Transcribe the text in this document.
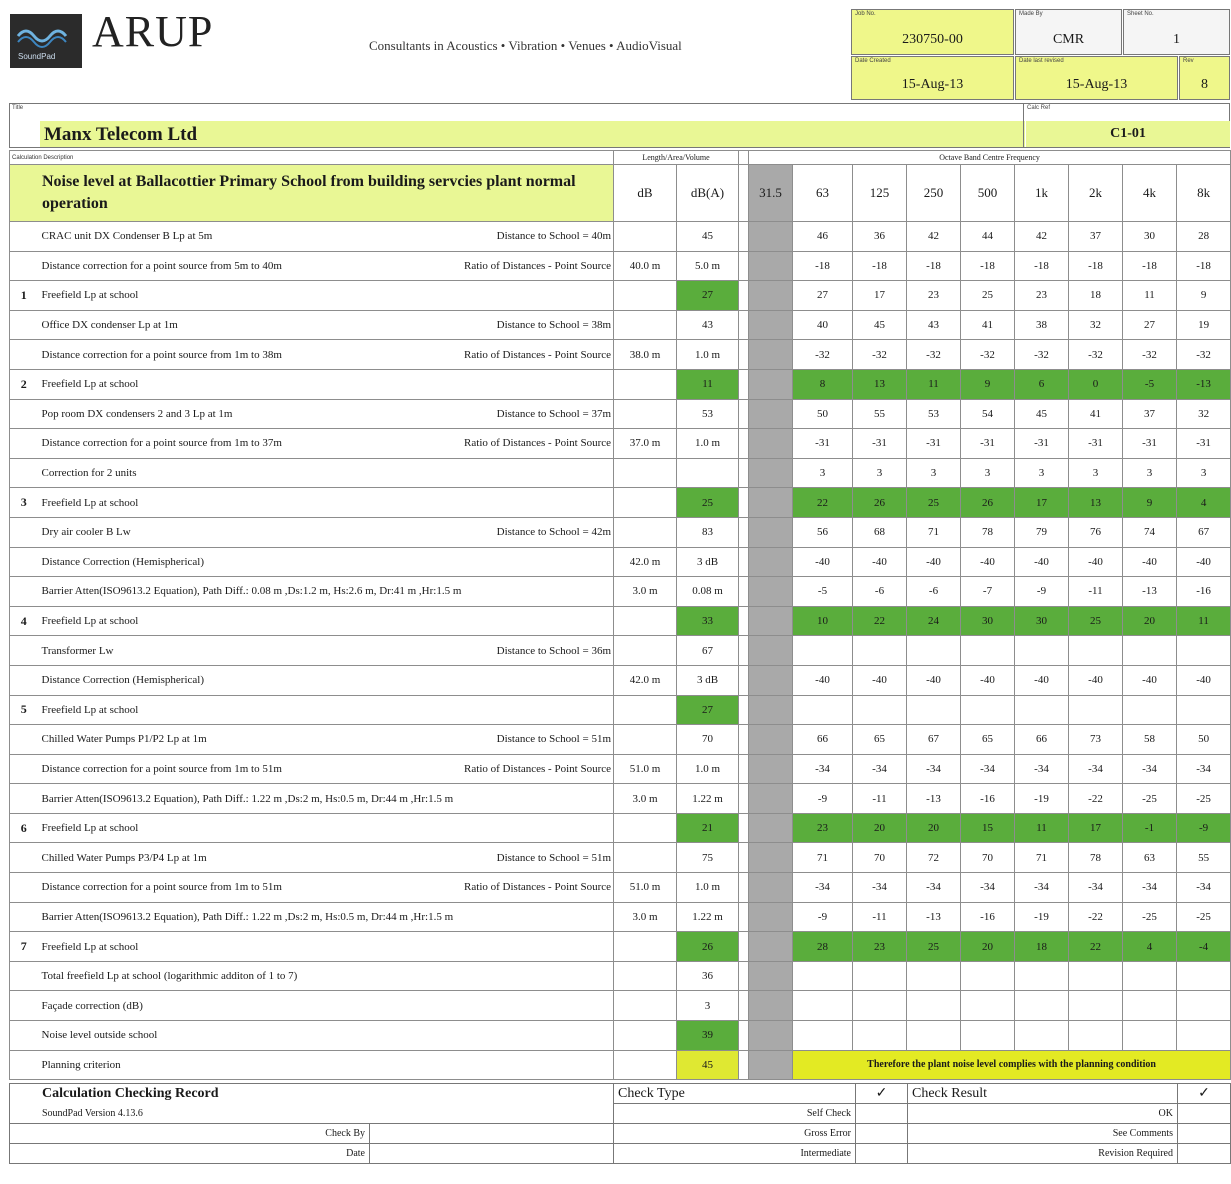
SoundPad
ARUP	Consultants in Acoustics • Vibration • Venues • AudioVisual
Job No.
230750-00
Made By
CMR
Sheet No.
1
Date Created
15-Aug-13
Date last revised
15-Aug-13
Rev
8
Title
Manx Telecom Ltd
Calc Ref
C1-01
Calculation Description		Length/Area/Volume			Octave Band Centre Frequency								
Noise level at Ballacottier Primary School from building servcies plant normal operation		dB	dB(A)		31.5	63	125	250	500	1k	2k	4k	8k

	CRAC unit DX Condenser B Lp at 5m Distance to School = 40m		45			46	36	42	44	42	37	30	28

	Distance correction for a point source from 5m to 40m Ratio of Distances - Point Source	40.0 m	5.0 m			-18	-18	-18	-18	-18	-18	-18	-18
1	Freefield Lp at school		27			27	17	23	25	23	18	11	9

	Office DX condenser Lp at 1m Distance to School = 38m		43			40	45	43	41	38	32	27	19

	Distance correction for a point source from 1m to 38m Ratio of Distances - Point Source	38.0 m	1.0 m			-32	-32	-32	-32	-32	-32	-32	-32
2	Freefield Lp at school		11			8	13	11	9	6	0	-5	-13

	Pop room DX condensers 2 and 3 Lp at 1m Distance to School = 37m		53			50	55	53	54	45	41	37	32

	Distance correction for a point source from 1m to 37m Ratio of Distances - Point Source	37.0 m	1.0 m			-31	-31	-31	-31	-31	-31	-31	-31

	Correction for 2 units					3	3	3	3	3	3	3	3
3	Freefield Lp at school		25			22	26	25	26	17	13	9	4

	Dry air cooler B Lw Distance to School = 42m		83			56	68	71	78	79	76	74	67

	Distance Correction (Hemispherical)	42.0 m	3 dB			-40	-40	-40	-40	-40	-40	-40	-40

	Barrier Atten(ISO9613.2 Equation), Path Diff.: 0.08 m ,Ds:1.2 m, Hs:2.6 m, Dr:41 m ,Hr:1.5 m	3.0 m	0.08 m			-5	-6	-6	-7	-9	-11	-13	-16
4	Freefield Lp at school		33			10	22	24	30	30	25	20	11

	Transformer Lw Distance to School = 36m		67										

	Distance Correction (Hemispherical)	42.0 m	3 dB			-40	-40	-40	-40	-40	-40	-40	-40
5	Freefield Lp at school		27										

	Chilled Water Pumps P1/P2 Lp at 1m Distance to School = 51m		70			66	65	67	65	66	73	58	50

	Distance correction for a point source from 1m to 51m Ratio of Distances - Point Source	51.0 m	1.0 m			-34	-34	-34	-34	-34	-34	-34	-34

	Barrier Atten(ISO9613.2 Equation), Path Diff.: 1.22 m ,Ds:2 m, Hs:0.5 m, Dr:44 m ,Hr:1.5 m	3.0 m	1.22 m			-9	-11	-13	-16	-19	-22	-25	-25
6	Freefield Lp at school		21			23	20	20	15	11	17	-1	-9

	Chilled Water Pumps P3/P4 Lp at 1m Distance to School = 51m		75			71	70	72	70	71	78	63	55

	Distance correction for a point source from 1m to 51m Ratio of Distances - Point Source	51.0 m	1.0 m			-34	-34	-34	-34	-34	-34	-34	-34

	Barrier Atten(ISO9613.2 Equation), Path Diff.: 1.22 m ,Ds:2 m, Hs:0.5 m, Dr:44 m ,Hr:1.5 m	3.0 m	1.22 m			-9	-11	-13	-16	-19	-22	-25	-25
7	Freefield Lp at school		26			28	23	25	20	18	22	4	-4

	Total freefield Lp at school (logarithmic additon of 1 to 7)		36										

	Façade correction (dB)		3										

	Noise level outside school		39										

	Planning criterion		45			Therefore the plant noise level complies with the planning condition							
Calculation Checking Record		Check Type	✓	Check Result	✓
SoundPad Version 4.13.6		Self Check		OK	
Check By		Gross Error		See Comments	
Date		Intermediate		Revision Required	
